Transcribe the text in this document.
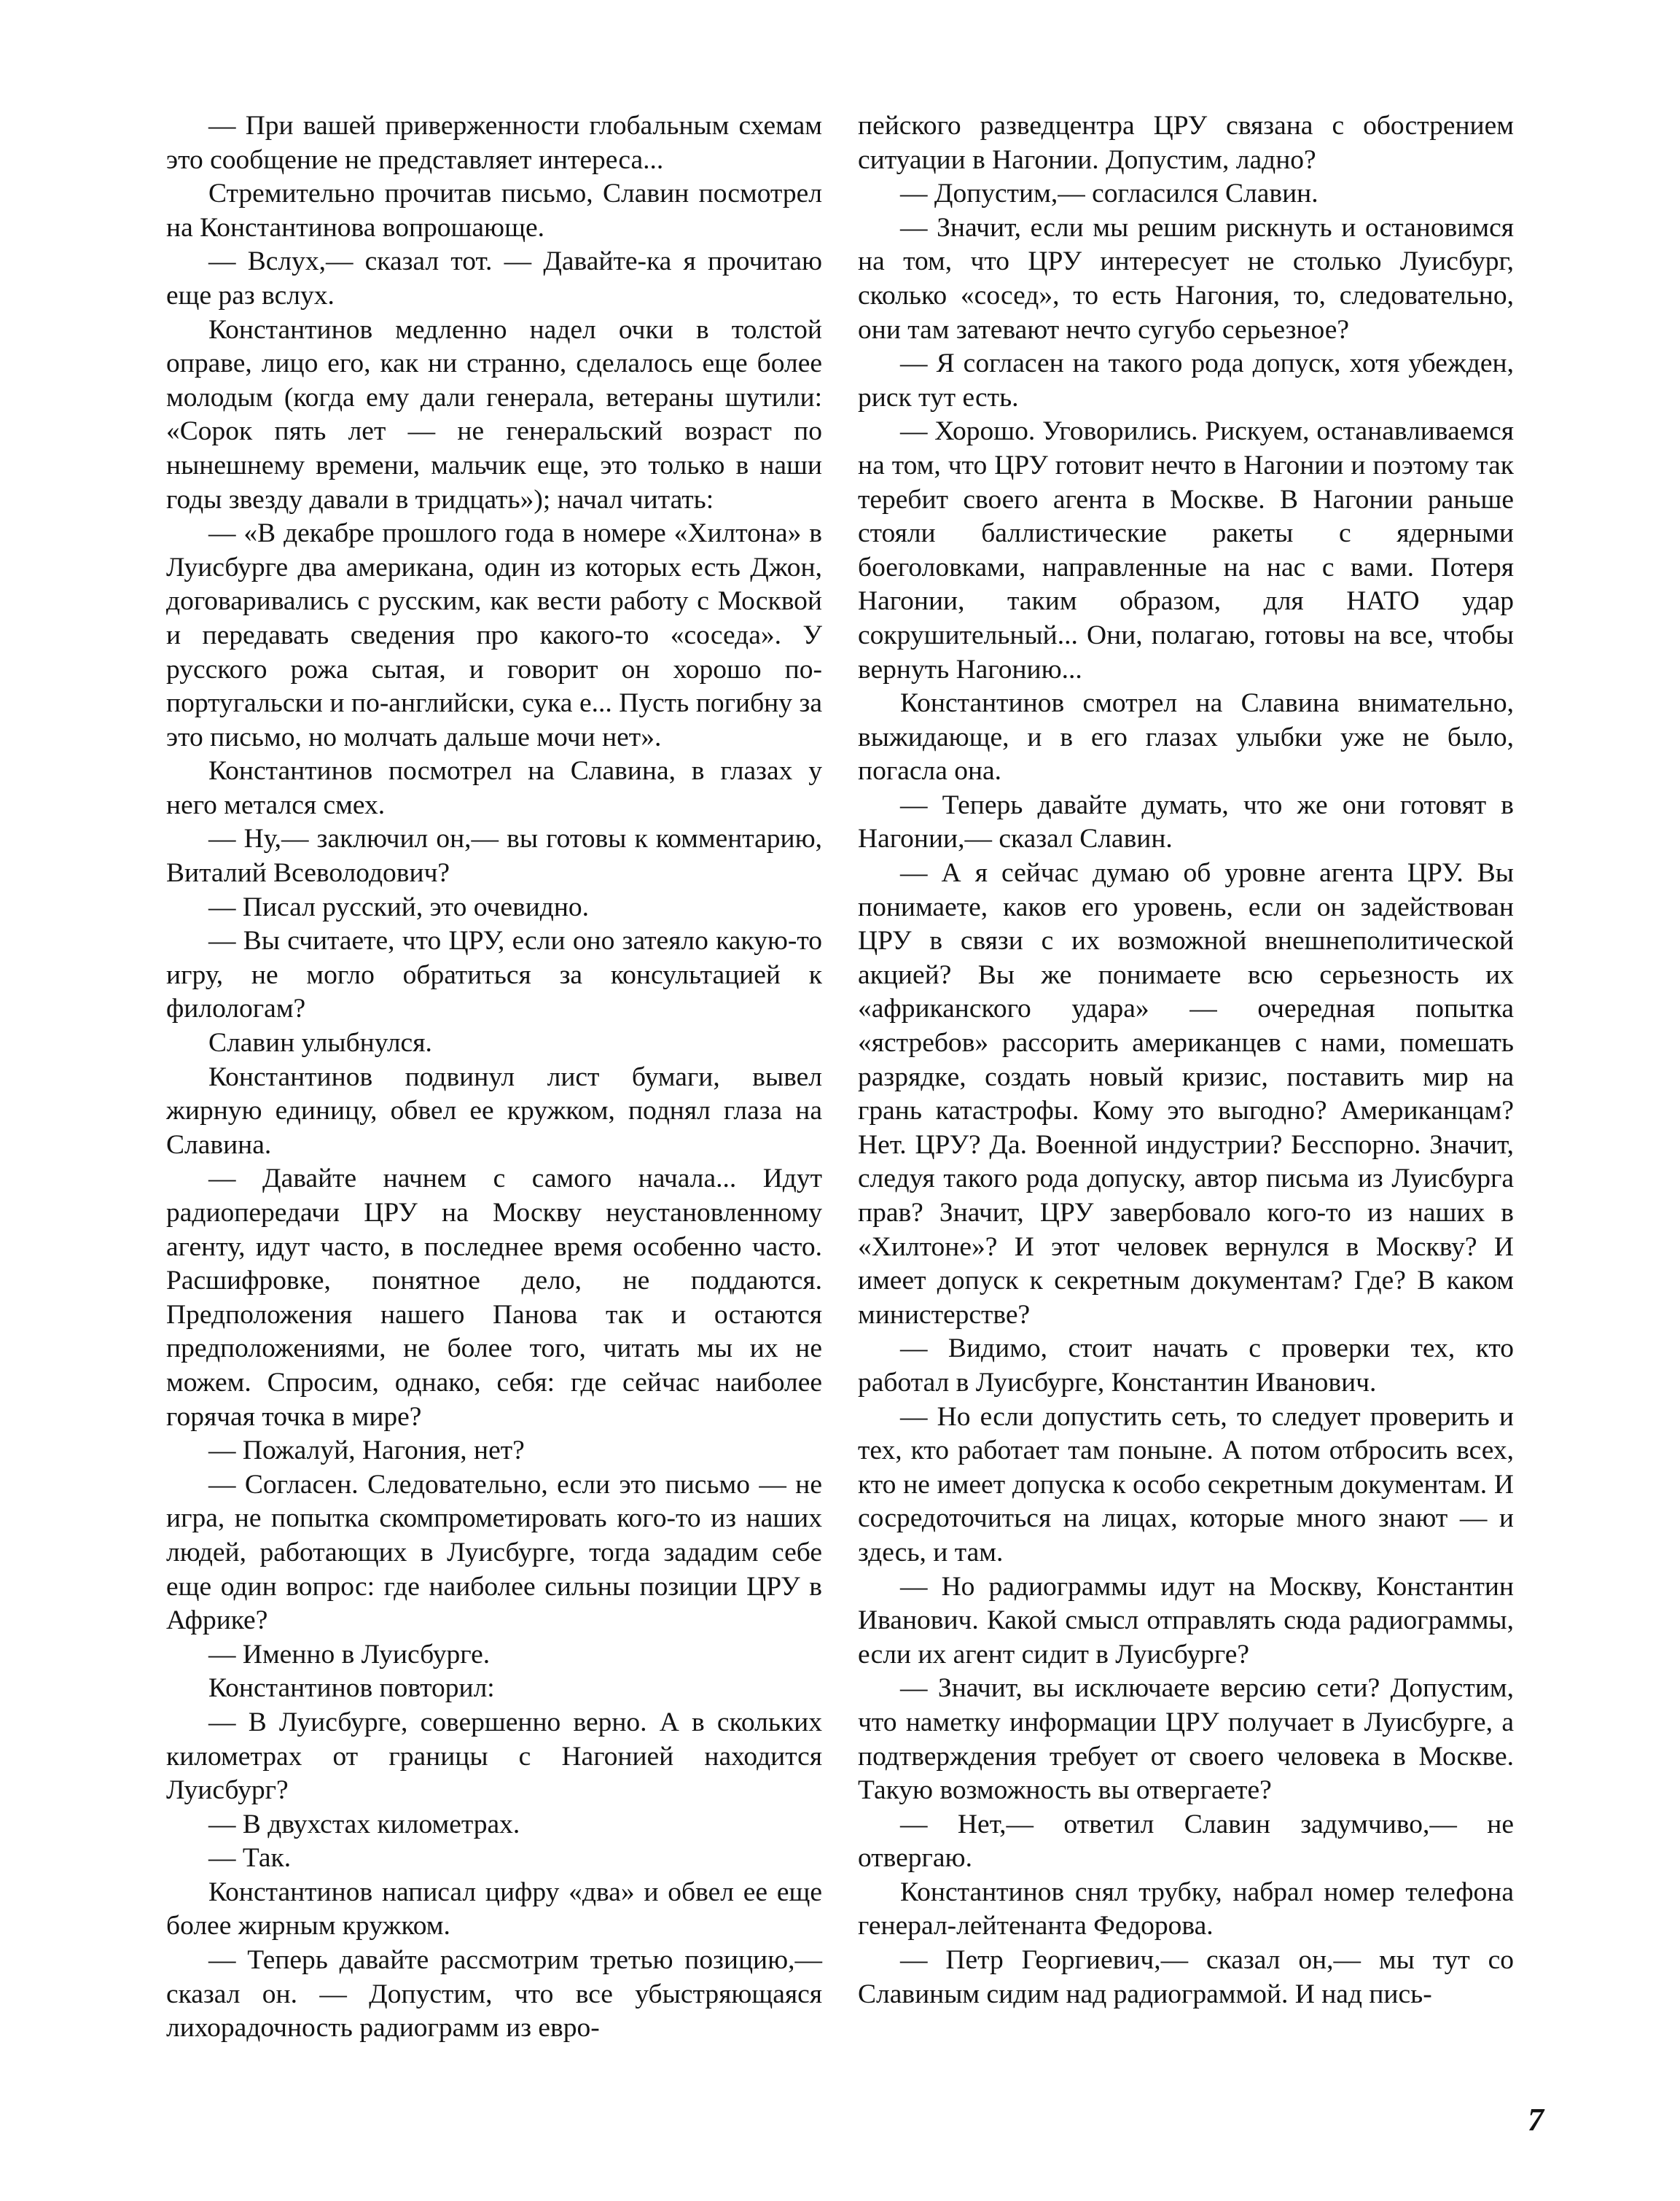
— При вашей приверженности глобальным схемам это сообщение не представляет интереса...

Стремительно прочитав письмо, Славин посмотрел на Константинова вопрошающе.

— Вслух,— сказал тот. — Давайте-ка я прочитаю еще раз вслух.

Константинов медленно надел очки в толстой оправе, лицо его, как ни странно, сделалось еще более молодым (когда ему дали генерала, ветераны шутили: «Сорок пять лет — не генеральский возраст по нынешнему времени, мальчик еще, это только в наши годы звезду давали в тридцать»); начал читать:

— «В декабре прошлого года в номере «Хилтона» в Луисбурге два американа, один из которых есть Джон, договаривались с русским, как вести работу с Москвой и передавать сведения про какого-то «соседа». У русского рожа сытая, и говорит он хорошо по-португальски и по-английски, сука е... Пусть погибну за это письмо, но молчать дальше мочи нет».

Константинов посмотрел на Славина, в глазах у него метался смех.

— Ну,— заключил он,— вы готовы к комментарию, Виталий Всеволодович?

— Писал русский, это очевидно.

— Вы считаете, что ЦРУ, если оно затеяло какую-то игру, не могло обратиться за консультацией к филологам?

Славин улыбнулся.

Константинов подвинул лист бумаги, вывел жирную единицу, обвел ее кружком, поднял глаза на Славина.

— Давайте начнем с самого начала... Идут радиопередачи ЦРУ на Москву неустановленному агенту, идут часто, в последнее время особенно часто. Расшифровке, понятное дело, не поддаются. Предположения нашего Панова так и остаются предположениями, не более того, читать мы их не можем. Спросим, однако, себя: где сейчас наиболее горячая точка в мире?

— Пожалуй, Нагония, нет?

— Согласен. Следовательно, если это письмо — не игра, не попытка скомпрометировать кого-то из наших людей, работающих в Луисбурге, тогда зададим себе еще один вопрос: где наиболее сильны позиции ЦРУ в Африке?

— Именно в Луисбурге.

Константинов повторил:

— В Луисбурге, совершенно верно. А в скольких километрах от границы с Нагонией находится Луисбург?

— В двухстах километрах.

— Так.

Константинов написал цифру «два» и обвел ее еще более жирным кружком.

— Теперь давайте рассмотрим третью позицию,— сказал он. — Допустим, что все убыстряющаяся лихорадочность радиограмм из евро-

пейского разведцентра ЦРУ связана с обострением ситуации в Нагонии. Допустим, ладно?

— Допустим,— согласился Славин.

— Значит, если мы решим рискнуть и остановимся на том, что ЦРУ интересует не столько Луисбург, сколько «сосед», то есть Нагония, то, следовательно, они там затевают нечто сугубо серьезное?

— Я согласен на такого рода допуск, хотя убежден, риск тут есть.

— Хорошо. Уговорились. Рискуем, останавливаемся на том, что ЦРУ готовит нечто в Нагонии и поэтому так теребит своего агента в Москве. В Нагонии раньше стояли баллистические ракеты с ядерными боеголовками, направленные на нас с вами. Потеря Нагонии, таким образом, для НАТО удар сокрушительный... Они, полагаю, готовы на все, чтобы вернуть Нагонию...

Константинов смотрел на Славина внимательно, выжидающе, и в его глазах улыбки уже не было, погасла она.

— Теперь давайте думать, что же они готовят в Нагонии,— сказал Славин.

— А я сейчас думаю об уровне агента ЦРУ. Вы понимаете, каков его уровень, если он задействован ЦРУ в связи с их возможной внешнеполитической акцией? Вы же понимаете всю серьезность их «африканского удара» — очередная попытка «ястребов» рассорить американцев с нами, помешать разрядке, создать новый кризис, поставить мир на грань катастрофы. Кому это выгодно? Американцам? Нет. ЦРУ? Да. Военной индустрии? Бесспорно. Значит, следуя такого рода допуску, автор письма из Луисбурга прав? Значит, ЦРУ завербовало кого-то из наших в «Хилтоне»? И этот человек вернулся в Москву? И имеет допуск к секретным документам? Где? В каком министерстве?

— Видимо, стоит начать с проверки тех, кто работал в Луисбурге, Константин Иванович.

— Но если допустить сеть, то следует проверить и тех, кто работает там поныне. А потом отбросить всех, кто не имеет допуска к особо секретным документам. И сосредоточиться на лицах, которые много знают — и здесь, и там.

— Но радиограммы идут на Москву, Константин Иванович. Какой смысл отправлять сюда радиограммы, если их агент сидит в Луисбурге?

— Значит, вы исключаете версию сети? Допустим, что наметку информации ЦРУ получает в Луисбурге, а подтверждения требует от своего человека в Москве. Такую возможность вы отвергаете?

— Нет,— ответил Славин задумчиво,— не отвергаю.

Константинов снял трубку, набрал номер телефона генерал-лейтенанта Федорова.

— Петр Георгиевич,— сказал он,— мы тут со Славиным сидим над радиограммой. И над пись-

7
